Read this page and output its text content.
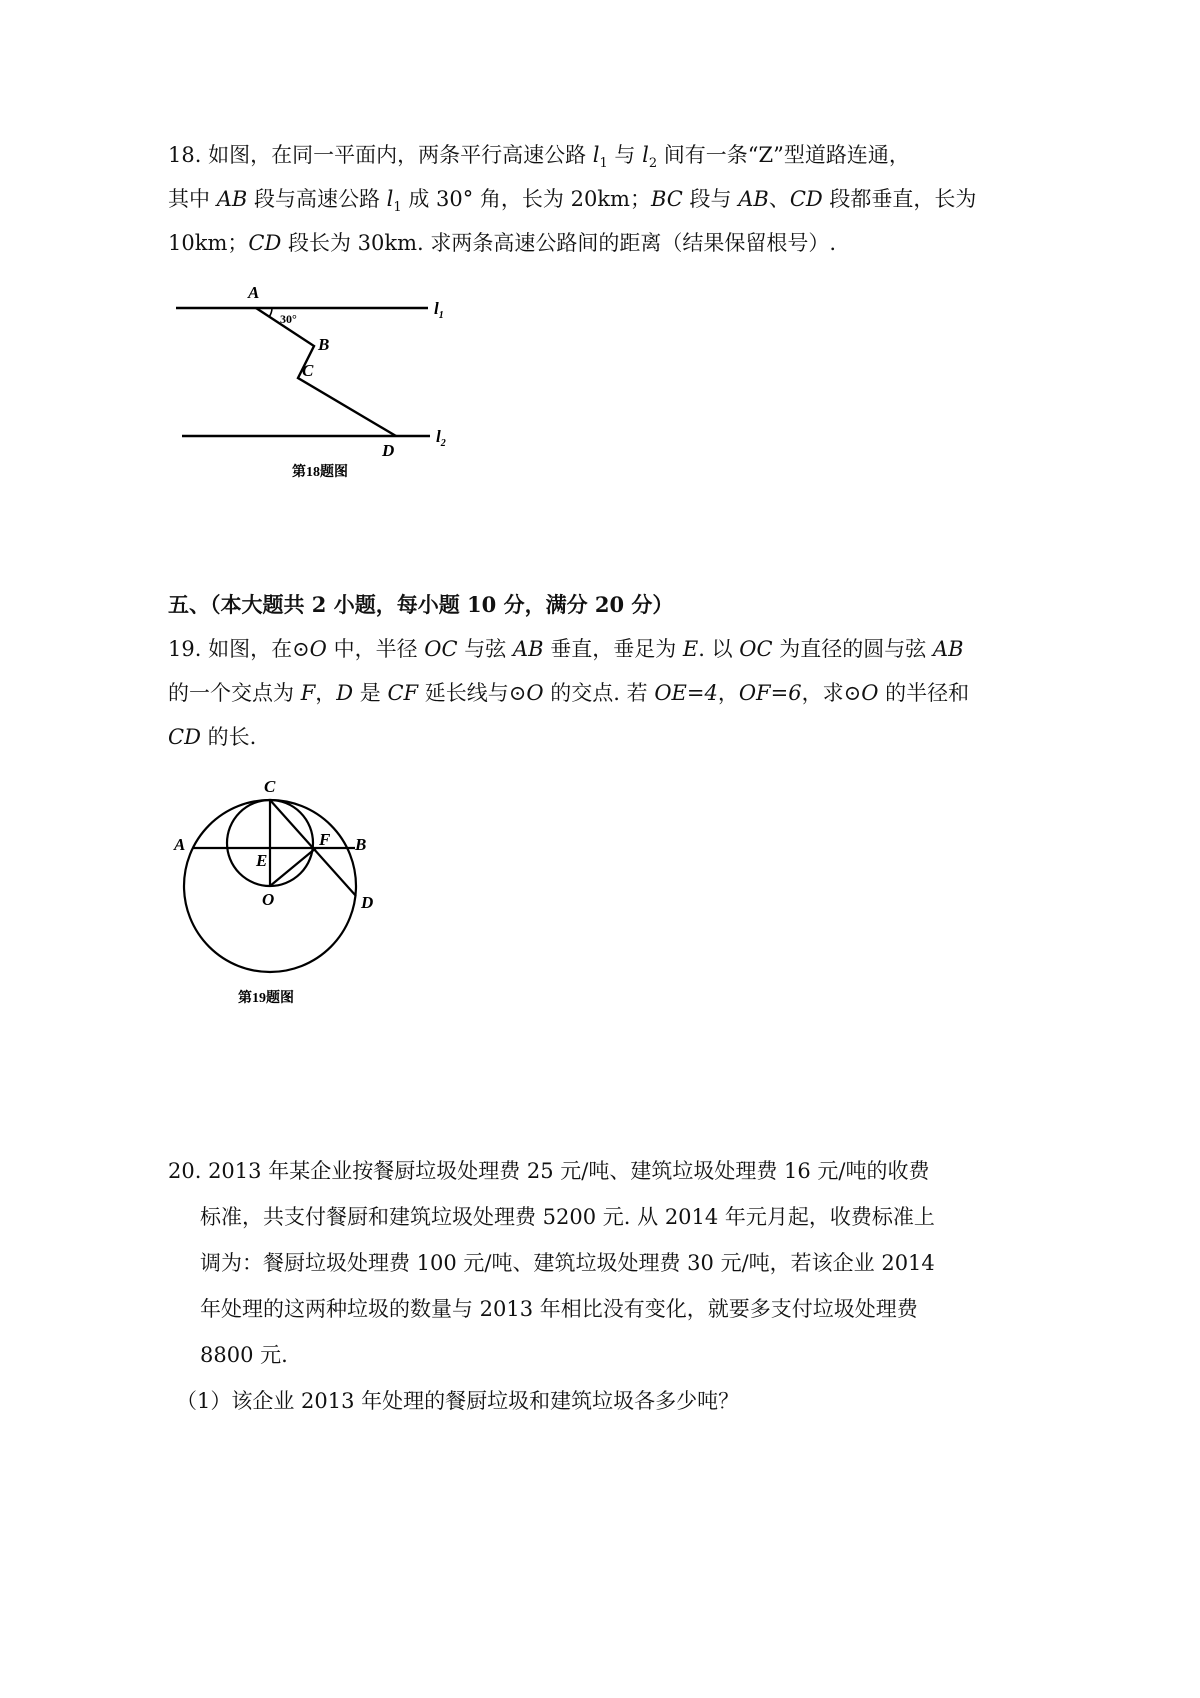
18. 如图，在同一平面内，两条平行高速公路 $l_1$ 与 $l_2$ 间有一条“Z”型道路连通，
其中 AB 段与高速公路 $l_1$ 成 30° 角，长为 20km；BC 段与 AB、CD 段都垂直，长为
10km；CD 段长为 30km. 求两条高速公路间的距离（结果保留根号）.
A
30°
B
C
D
$l_1$
$l_2$
第18题图
五、（本大题共 2 小题，每小题 10 分，满分 20 分）
19. 如图，在⊙O 中，半径 OC 与弦 AB 垂直，垂足为 E. 以 OC 为直径的圆与弦 AB
的一个交点为 F，D 是 CF 延长线与⊙O 的交点. 若 OE=4，OF=6，求⊙O 的半径和
CD 的长.
C
A	B
F
E
O	D
第19题图
20. 2013 年某企业按餐厨垃圾处理费 25 元/吨、建筑垃圾处理费 16 元/吨的收费
标准，共支付餐厨和建筑垃圾处理费 5200 元. 从 2014 年元月起，收费标准上
调为：餐厨垃圾处理费 100 元/吨、建筑垃圾处理费 30 元/吨，若该企业 2014
年处理的这两种垃圾的数量与 2013 年相比没有变化，就要多支付垃圾处理费
8800 元.
（1）该企业 2013 年处理的餐厨垃圾和建筑垃圾各多少吨？
